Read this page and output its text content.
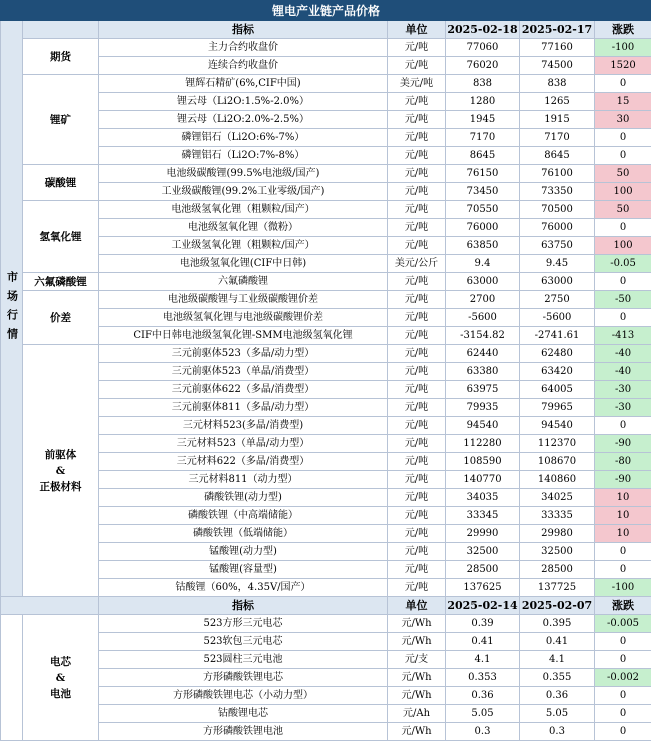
锂电产业链产品价格						
市场行情		指标	单位	2025-02-18	2025-02-17	涨跌

	期货	主力合约收盘价	元/吨	77060	77160	-100
		连续合约收盘价	元/吨	76020	74500	1520

	锂矿	锂辉石精矿(6%,CIF中国)	美元/吨	838	838	0
		锂云母（Li2O:1.5%-2.0%）	元/吨	1280	1265	15
		锂云母（Li2O:2.0%-2.5%）	元/吨	1945	1915	30
		磷锂铝石（Li2O:6%-7%）	元/吨	7170	7170	0
		磷锂铝石（Li2O:7%-8%）	元/吨	8645	8645	0

	碳酸锂	电池级碳酸锂(99.5%电池级/国产)	元/吨	76150	76100	50
		工业级碳酸锂(99.2%工业零级/国产)	元/吨	73450	73350	100

	氢氧化锂	电池级氢氧化锂（粗颗粒/国产）	元/吨	70550	70500	50
		电池级氢氧化锂（微粉）	元/吨	76000	76000	0
		工业级氢氧化锂（粗颗粒/国产）	元/吨	63850	63750	100
		电池级氢氧化锂(CIF中日韩)	美元/公斤	9.4	9.45	-0.05

	六氟磷酸锂	六氟磷酸锂	元/吨	63000	63000	0

	价差	电池级碳酸锂与工业级碳酸锂价差	元/吨	2700	2750	-50
		电池级氢氧化锂与电池级碳酸锂价差	元/吨	-5600	-5600	0
		CIF中日韩电池级氢氧化锂-SMM电池级氢氧化锂	元/吨	-3154.82	-2741.61	-413

	前驱体
&
正极材料	三元前驱体523（多晶/动力型）	元/吨	62440	62480	-40
		三元前驱体523（单晶/消费型）	元/吨	63380	63420	-40
		三元前驱体622（多晶/消费型）	元/吨	63975	64005	-30
		三元前驱体811（多晶/动力型）	元/吨	79935	79965	-30
		三元材料523(多晶/消费型)	元/吨	94540	94540	0
		三元材料523（单晶/动力型）	元/吨	112280	112370	-90
		三元材料622（多晶/消费型）	元/吨	108590	108670	-80
		三元材料811（动力型）	元/吨	140770	140860	-90
		磷酸铁锂(动力型)	元/吨	34035	34025	10
		磷酸铁锂（中高端储能）	元/吨	33345	33335	10
		磷酸铁锂（低端储能）	元/吨	29990	29980	10
		锰酸锂(动力型)	元/吨	32500	32500	0
		锰酸锂(容量型)	元/吨	28500	28500	0
		钴酸锂（60%，4.35V/国产）	元/吨	137625	137725	-100
		指标	单位	2025-02-14	2025-02-07	涨跌

	电芯
&
电池	523方形三元电芯	元/Wh	0.39	0.395	-0.005
		523软包三元电芯	元/Wh	0.41	0.41	0
		523圆柱三元电池	元/支	4.1	4.1	0
		方形磷酸铁锂电芯	元/Wh	0.353	0.355	-0.002
		方形磷酸铁锂电芯（小动力型）	元/Wh	0.36	0.36	0
		钴酸锂电芯	元/Ah	5.05	5.05	0
		方形磷酸铁锂电池	元/Wh	0.3	0.3	0
